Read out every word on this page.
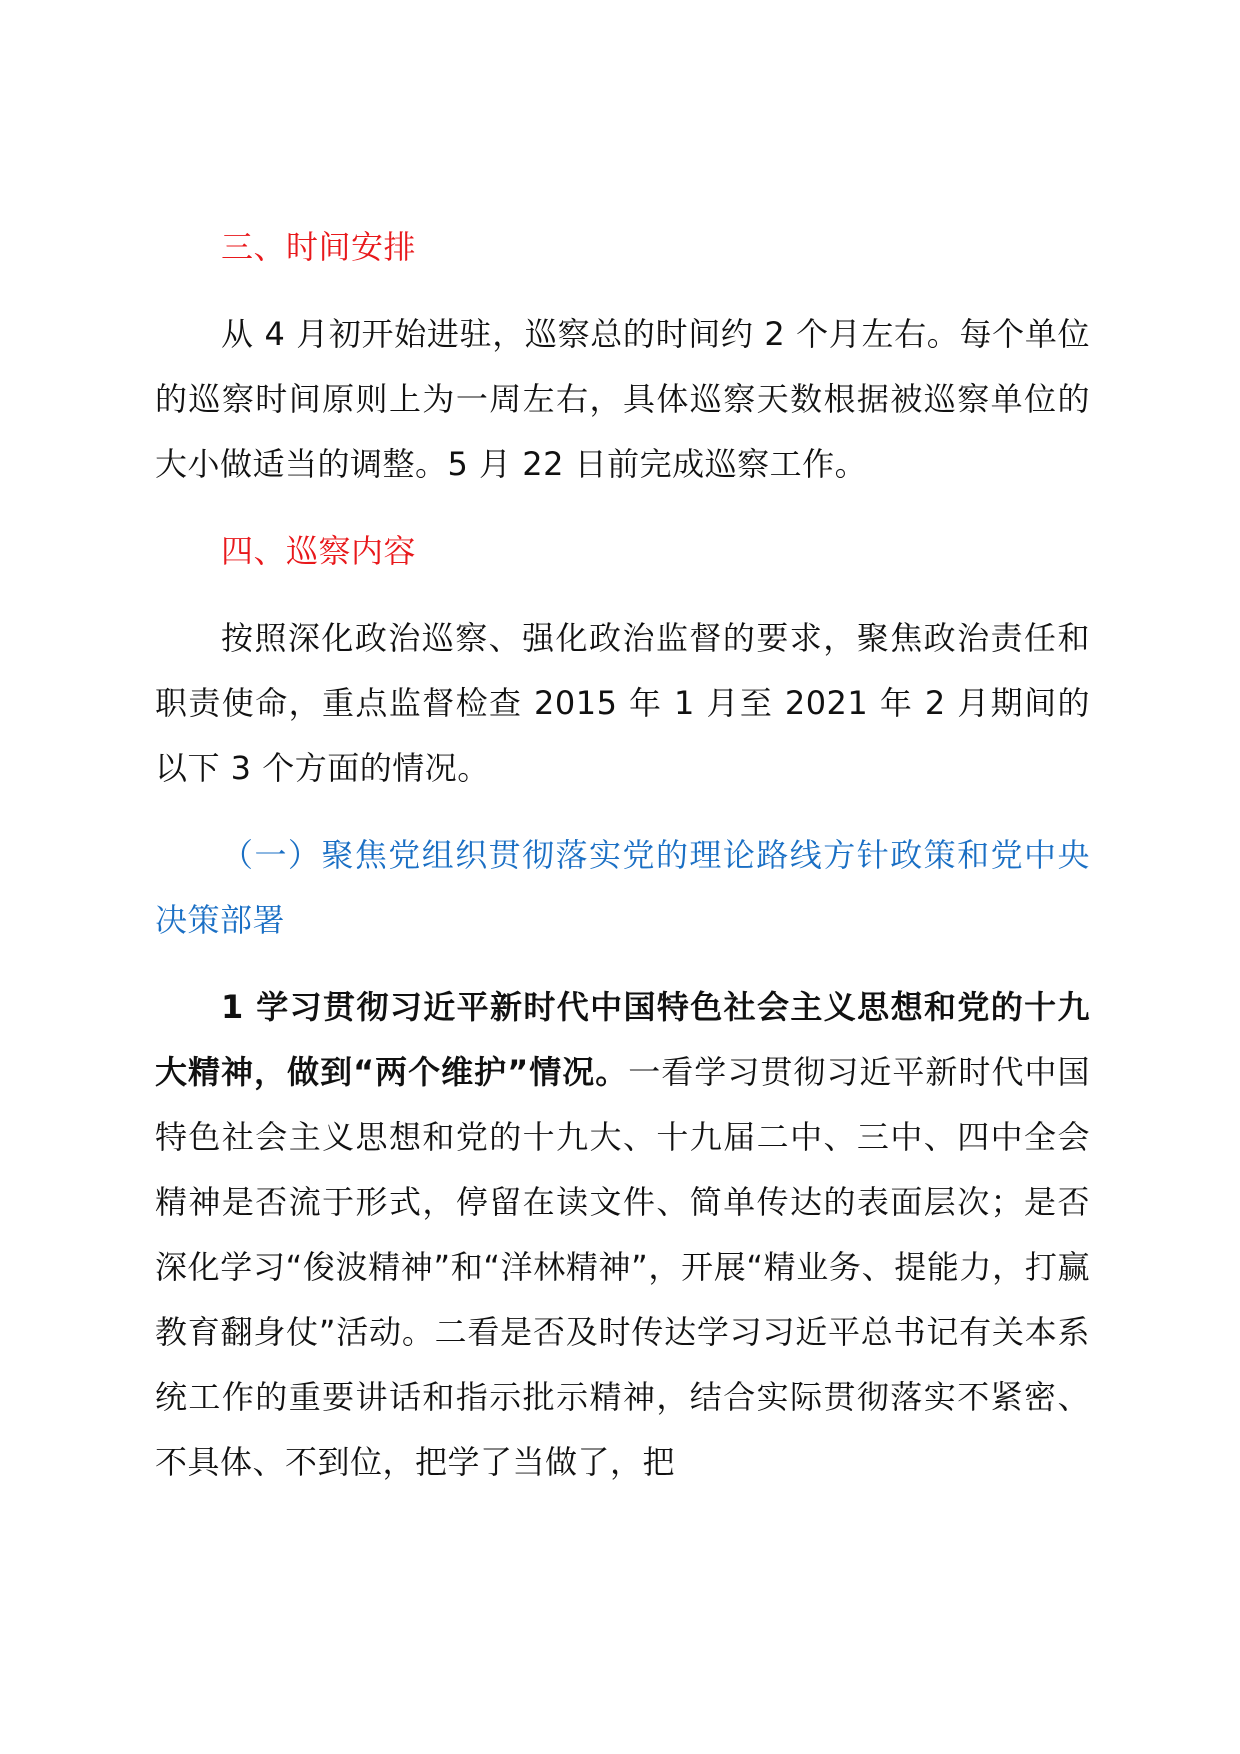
三、时间安排

从 4 月初开始进驻，巡察总的时间约 2 个月左右。每个单位的巡察时间原则上为一周左右，具体巡察天数根据被巡察单位的大小做适当的调整。5 月 22 日前完成巡察工作。

四、巡察内容

按照深化政治巡察、强化政治监督的要求，聚焦政治责任和职责使命，重点监督检查 2015 年 1 月至 2021 年 2 月期间的以下 3 个方面的情况。

（一）聚焦党组织贯彻落实党的理论路线方针政策和党中央决策部署

1 学习贯彻习近平新时代中国特色社会主义思想和党的十九大精神，做到“两个维护”情况。一看学习贯彻习近平新时代中国特色社会主义思想和党的十九大、十九届二中、三中、四中全会精神是否流于形式，停留在读文件、简单传达的表面层次；是否深化学习“俊波精神”和“洋林精神”，开展“精业务、提能力，打赢教育翻身仗”活动。二看是否及时传达学习习近平总书记有关本系统工作的重要讲话和指示批示精神，结合实际贯彻落实不紧密、不具体、不到位，把学了当做了，把
